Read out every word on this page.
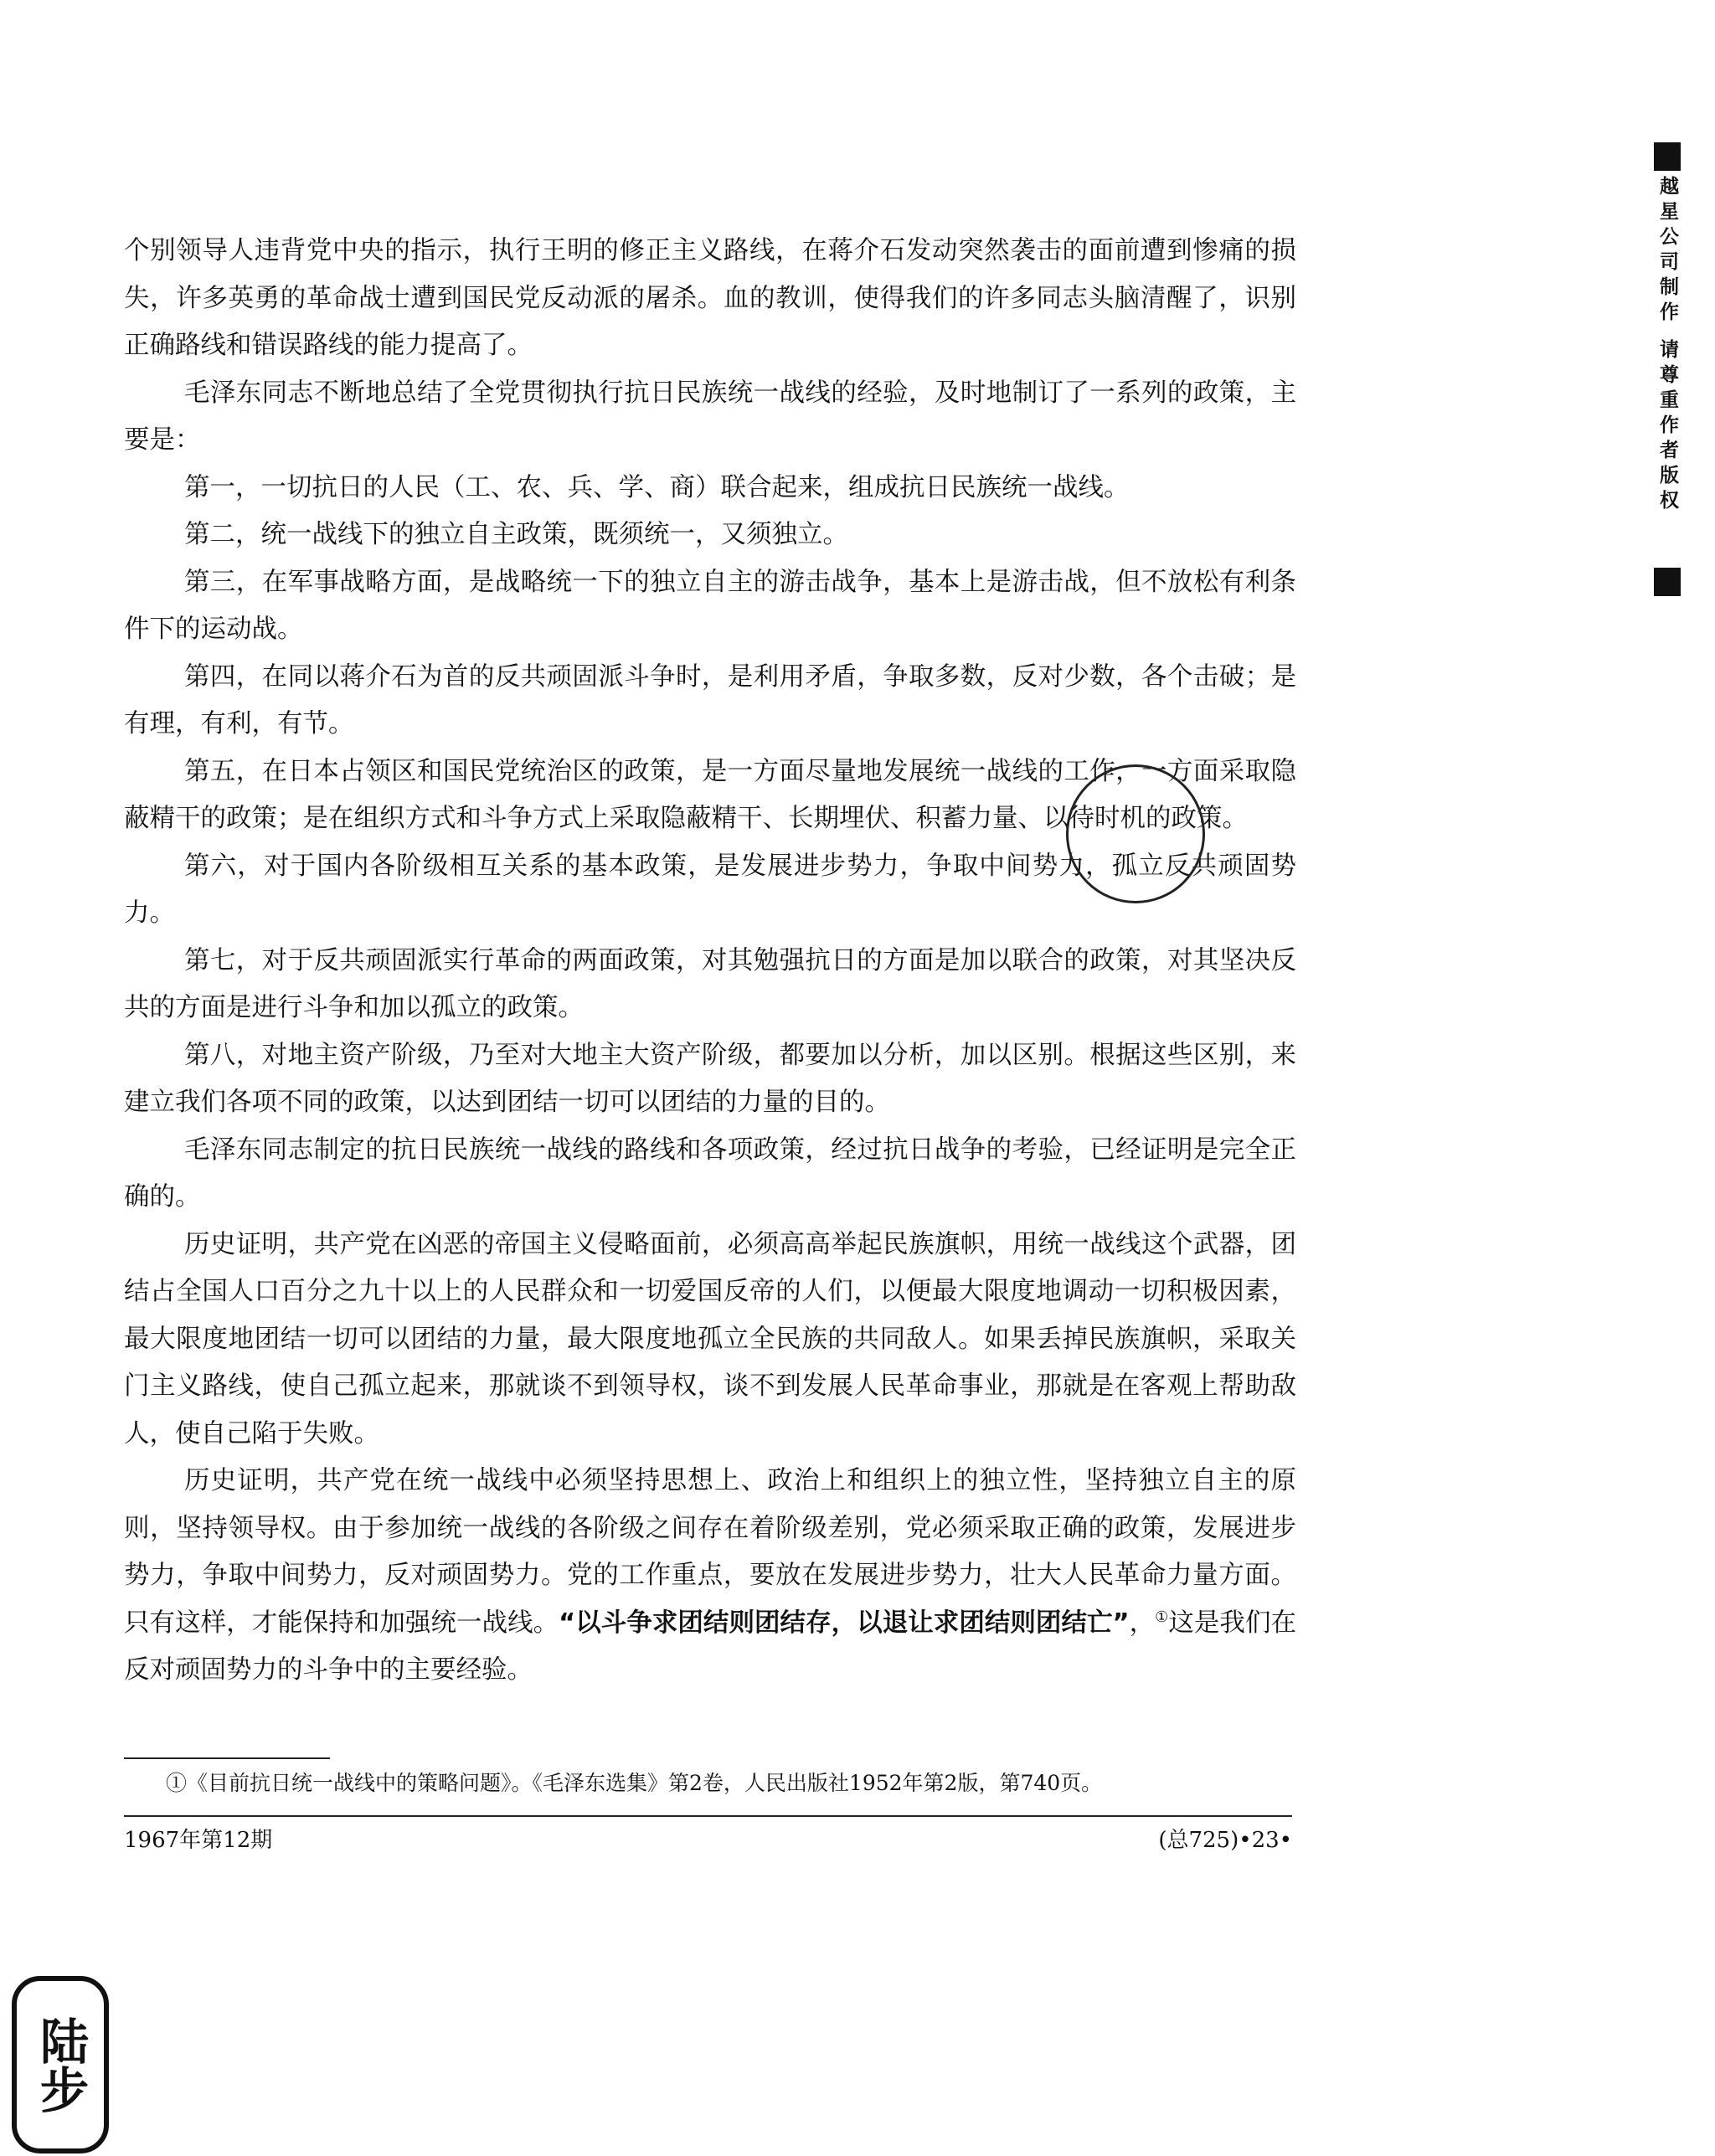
个别领导人违背党中央的指示，执行王明的修正主义路线，在蒋介石发动突然袭击的面前遭到惨痛的损失，许多英勇的革命战士遭到国民党反动派的屠杀。血的教训，使得我们的许多同志头脑清醒了，识别正确路线和错误路线的能力提高了。

毛泽东同志不断地总结了全党贯彻执行抗日民族统一战线的经验，及时地制订了一系列的政策，主要是：

第一，一切抗日的人民（工、农、兵、学、商）联合起来，组成抗日民族统一战线。

第二，统一战线下的独立自主政策，既须统一，又须独立。

第三，在军事战略方面，是战略统一下的独立自主的游击战争，基本上是游击战，但不放松有利条件下的运动战。

第四，在同以蒋介石为首的反共顽固派斗争时，是利用矛盾，争取多数，反对少数，各个击破；是有理，有利，有节。

第五，在日本占领区和国民党统治区的政策，是一方面尽量地发展统一战线的工作，一方面采取隐蔽精干的政策；是在组织方式和斗争方式上采取隐蔽精干、长期埋伏、积蓄力量、以待时机的政策。

第六，对于国内各阶级相互关系的基本政策，是发展进步势力，争取中间势力，孤立反共顽固势力。

第七，对于反共顽固派实行革命的两面政策，对其勉强抗日的方面是加以联合的政策，对其坚决反共的方面是进行斗争和加以孤立的政策。

第八，对地主资产阶级，乃至对大地主大资产阶级，都要加以分析，加以区别。根据这些区别，来建立我们各项不同的政策，以达到团结一切可以团结的力量的目的。

毛泽东同志制定的抗日民族统一战线的路线和各项政策，经过抗日战争的考验，已经证明是完全正确的。

历史证明，共产党在凶恶的帝国主义侵略面前，必须高高举起民族旗帜，用统一战线这个武器，团结占全国人口百分之九十以上的人民群众和一切爱国反帝的人们，以便最大限度地调动一切积极因素，最大限度地团结一切可以团结的力量，最大限度地孤立全民族的共同敌人。如果丢掉民族旗帜，采取关门主义路线，使自己孤立起来，那就谈不到领导权，谈不到发展人民革命事业，那就是在客观上帮助敌人，使自己陷于失败。

历史证明，共产党在统一战线中必须坚持思想上、政治上和组织上的独立性，坚持独立自主的原则，坚持领导权。由于参加统一战线的各阶级之间存在着阶级差别，党必须采取正确的政策，发展进步势力，争取中间势力，反对顽固势力。党的工作重点，要放在发展进步势力，壮大人民革命力量方面。只有这样，才能保持和加强统一战线。“以斗争求团结则团结存，以退让求团结则团结亡”，①这是我们在反对顽固势力的斗争中的主要经验。

①《目前抗日统一战线中的策略问题》。《毛泽东选集》第2卷，人民出版社1952年第2版，第740页。
1967年第12期	(总725)•23•
越星公司制作 请尊重作者版权
陆步
